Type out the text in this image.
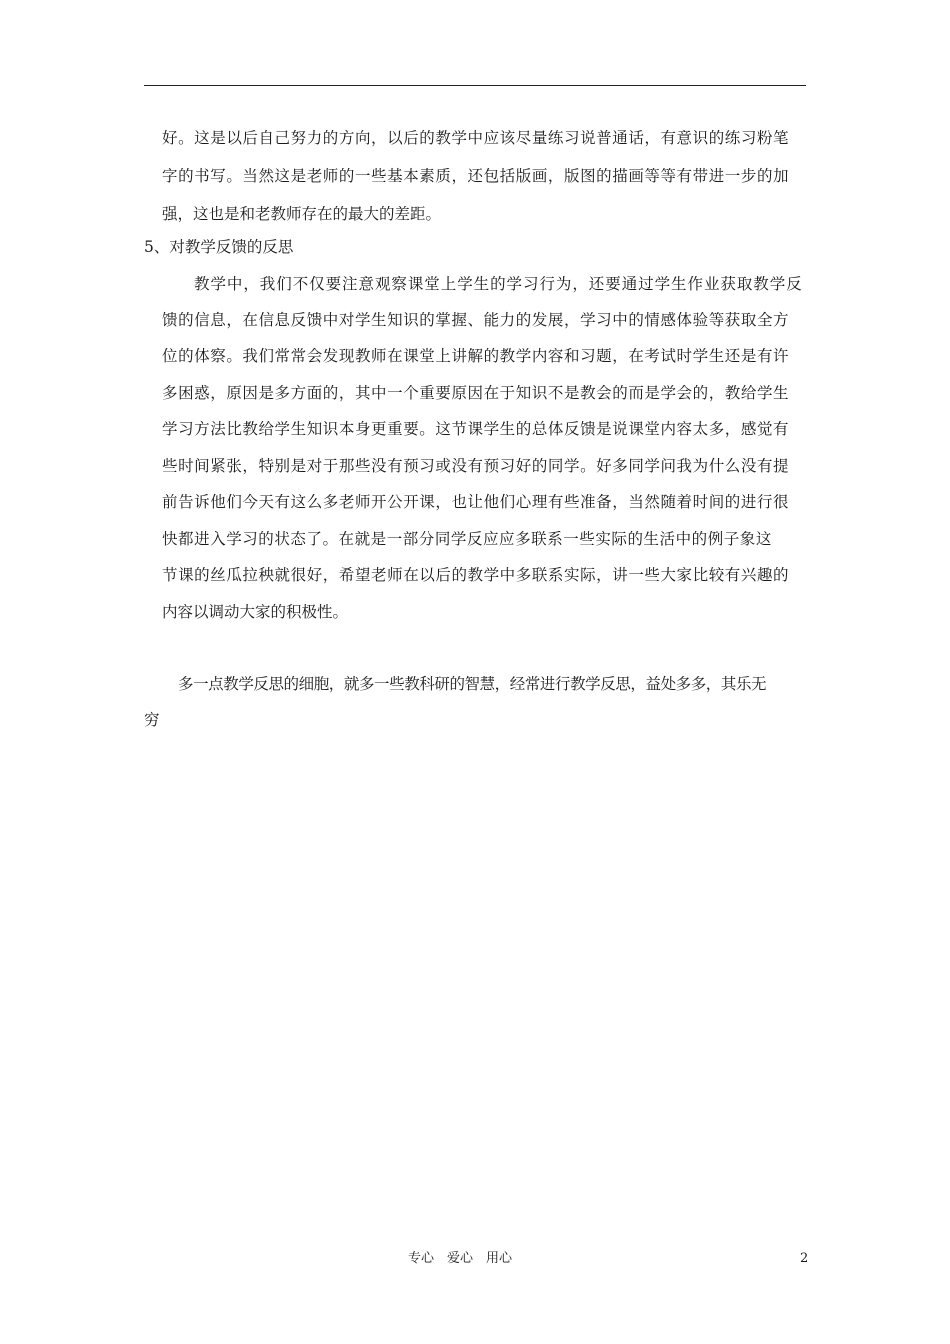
好。这是以后自己努力的方向，以后的教学中应该尽量练习说普通话，有意识的练习粉笔
字的书写。当然这是老师的一些基本素质，还包括版画，版图的描画等等有带进一步的加
强，这也是和老教师存在的最大的差距。
5、对教学反馈的反思
教学中，我们不仅要注意观察课堂上学生的学习行为，还要通过学生作业获取教学反
馈的信息，在信息反馈中对学生知识的掌握、能力的发展，学习中的情感体验等获取全方
位的体察。我们常常会发现教师在课堂上讲解的教学内容和习题，在考试时学生还是有许
多困惑，原因是多方面的，其中一个重要原因在于知识不是教会的而是学会的，教给学生
学习方法比教给学生知识本身更重要。这节课学生的总体反馈是说课堂内容太多，感觉有
些时间紧张，特别是对于那些没有预习或没有预习好的同学。好多同学问我为什么没有提
前告诉他们今天有这么多老师开公开课，也让他们心理有些准备，当然随着时间的进行很
快都进入学习的状态了。在就是一部分同学反应应多联系一些实际的生活中的例子象这
节课的丝瓜拉秧就很好，希望老师在以后的教学中多联系实际，讲一些大家比较有兴趣的
内容以调动大家的积极性。
多一点教学反思的细胞，就多一些教科研的智慧，经常进行教学反思，益处多多，其乐无
穷
专心　爱心　用心	2
